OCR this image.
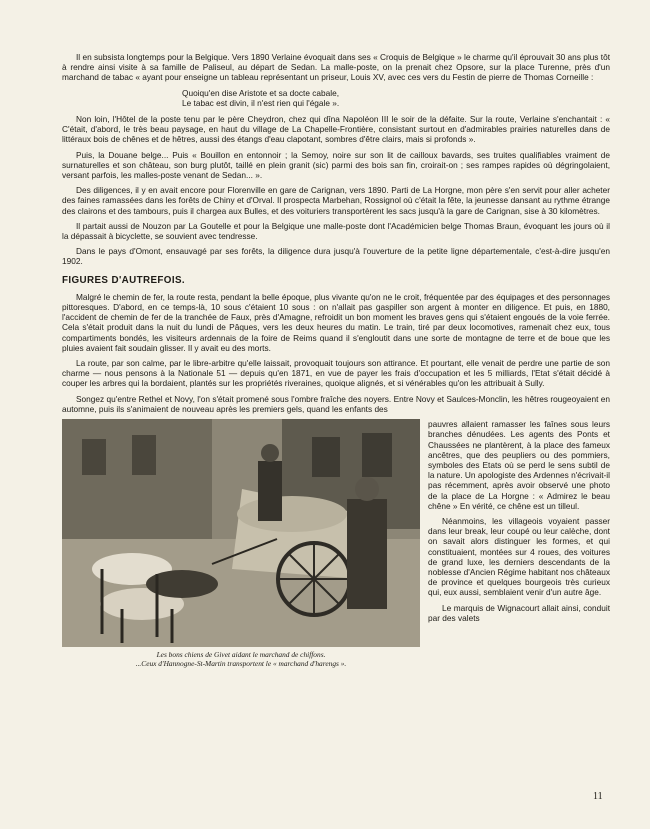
Il en subsista longtemps pour la Belgique. Vers 1890 Verlaine évoquait dans ses « Croquis de Belgique » le charme qu'il éprouvait 30 ans plus tôt à rendre ainsi visite à sa famille de Paliseul, au départ de Sedan. La malle-poste, on la prenait chez Opsore, sur la place Turenne, près d'un marchand de tabac « ayant pour enseigne un tableau représentant un priseur, Louis XV, avec ces vers du Festin de pierre de Thomas Corneille :

Quoiqu'en dise Aristote et sa docte cabale,
Le tabac est divin, il n'est rien qui l'égale ».

Non loin, l'Hôtel de la poste tenu par le père Cheydron, chez qui dîna Napoléon III le soir de la défaite. Sur la route, Verlaine s'enchantait : « C'était, d'abord, le très beau paysage, en haut du village de La Chapelle-Frontière, consistant surtout en d'admirables prairies naturelles dans de littéraux bois de chênes et de hêtres, aussi des étangs d'eau clapotant, sombres d'être clairs, mais si profonds ».

Puis, la Douane belge... Puis « Bouillon en entonnoir ; la Semoy, noire sur son lit de cailloux bavards, ses truites qualifiables vraiment de surnaturelles et son château, son burg plutôt, taillé en plein granit (sic) parmi des bois san fin, croirait-on ; ses rampes rapides où dégringolaient, versant parfois, les malles-poste venant de Sedan... ».

Des diligences, il y en avait encore pour Florenville en gare de Carignan, vers 1890. Parti de La Horgne, mon père s'en servit pour aller acheter des faines ramassées dans les forêts de Chiny et d'Orval. Il prospecta Marbehan, Rossignol où c'était la fête, la jeunesse dansant au rythme étrange des clairons et des tambours, puis il chargea aux Bulles, et des voituriers transportèrent les sacs jusqu'à la gare de Carignan, sise à 30 kilomètres.

Il partait aussi de Nouzon par La Goutelle et pour la Belgique une malle-poste dont l'Académicien belge Thomas Braun, évoquant les jours où il la dépassait à bicyclette, se souvient avec tendresse.

Dans le pays d'Omont, ensauvagé par ses forêts, la diligence dura jusqu'à l'ouverture de la petite ligne départementale, c'est-à-dire jusqu'en 1902.

FIGURES D'AUTREFOIS.

Malgré le chemin de fer, la route resta, pendant la belle époque, plus vivante qu'on ne le croit, fréquentée par des équipages et des personnages pittoresques. D'abord, en ce temps-là, 10 sous c'étaient 10 sous : on n'allait pas gaspiller son argent à monter en diligence. Et puis, en 1880, l'accident de chemin de fer de la tranchée de Faux, près d'Amagne, refroidit un bon moment les braves gens qui s'étaient engoués de la voie ferrée. Cela s'était produit dans la nuit du lundi de Pâques, vers les deux heures du matin. Le train, tiré par deux locomotives, ramenait chez eux, tous compartiments bondés, les visiteurs ardennais de la foire de Reims quand il s'engloutit dans une sorte de montagne de terre et de boue que les pluies avaient fait soudain glisser. Il y avait eu des morts.

La route, par son calme, par le libre-arbitre qu'elle laissait, provoquait toujours son attirance. Et pourtant, elle venait de perdre une partie de son charme — nous pensons à la Nationale 51 — depuis qu'en 1871, en vue de payer les frais d'occupation et les 5 milliards, l'Etat s'était décidé à couper les arbres qui la bordaient, plantés sur les propriétés riveraines, quoique alignés, et si vénérables qu'on les attribuait à Sully.

Songez qu'entre Rethel et Novy, l'on s'était promené sous l'ombre fraîche des noyers. Entre Novy et Saulces-Monclin, les hêtres rougeoyaient en automne, puis ils s'animaient de nouveau après les premiers gels, quand les enfants des

Les bons chiens de Givet aidant le marchand de chiffons.
...Ceux d'Hannogne-St-Martin transportent le « marchand d'harengs ».

pauvres allaient ramasser les faînes sous leurs branches dénudées. Les agents des Ponts et Chaussées ne plantèrent, à la place des fameux ancêtres, que des peupliers ou des pommiers, symboles des Etats où se perd le sens subtil de la nature. Un apologiste des Ardennes n'écrivait-il pas récemment, après avoir observé une photo de la place de La Horgne : « Admirez le beau chêne » En vérité, ce chêne est un tilleul.

Néanmoins, les villageois voyaient passer dans leur break, leur coupé ou leur calèche, dont on savait alors distinguer les formes, et qui constituaient, montées sur 4 roues, des voitures de grand luxe, les derniers descendants de la noblesse d'Ancien Régime habitant nos châteaux de province et quelques bourgeois très curieux qui, eux aussi, semblaient venir d'un autre âge.

Le marquis de Wignacourt allait ainsi, conduit par des valets

11
